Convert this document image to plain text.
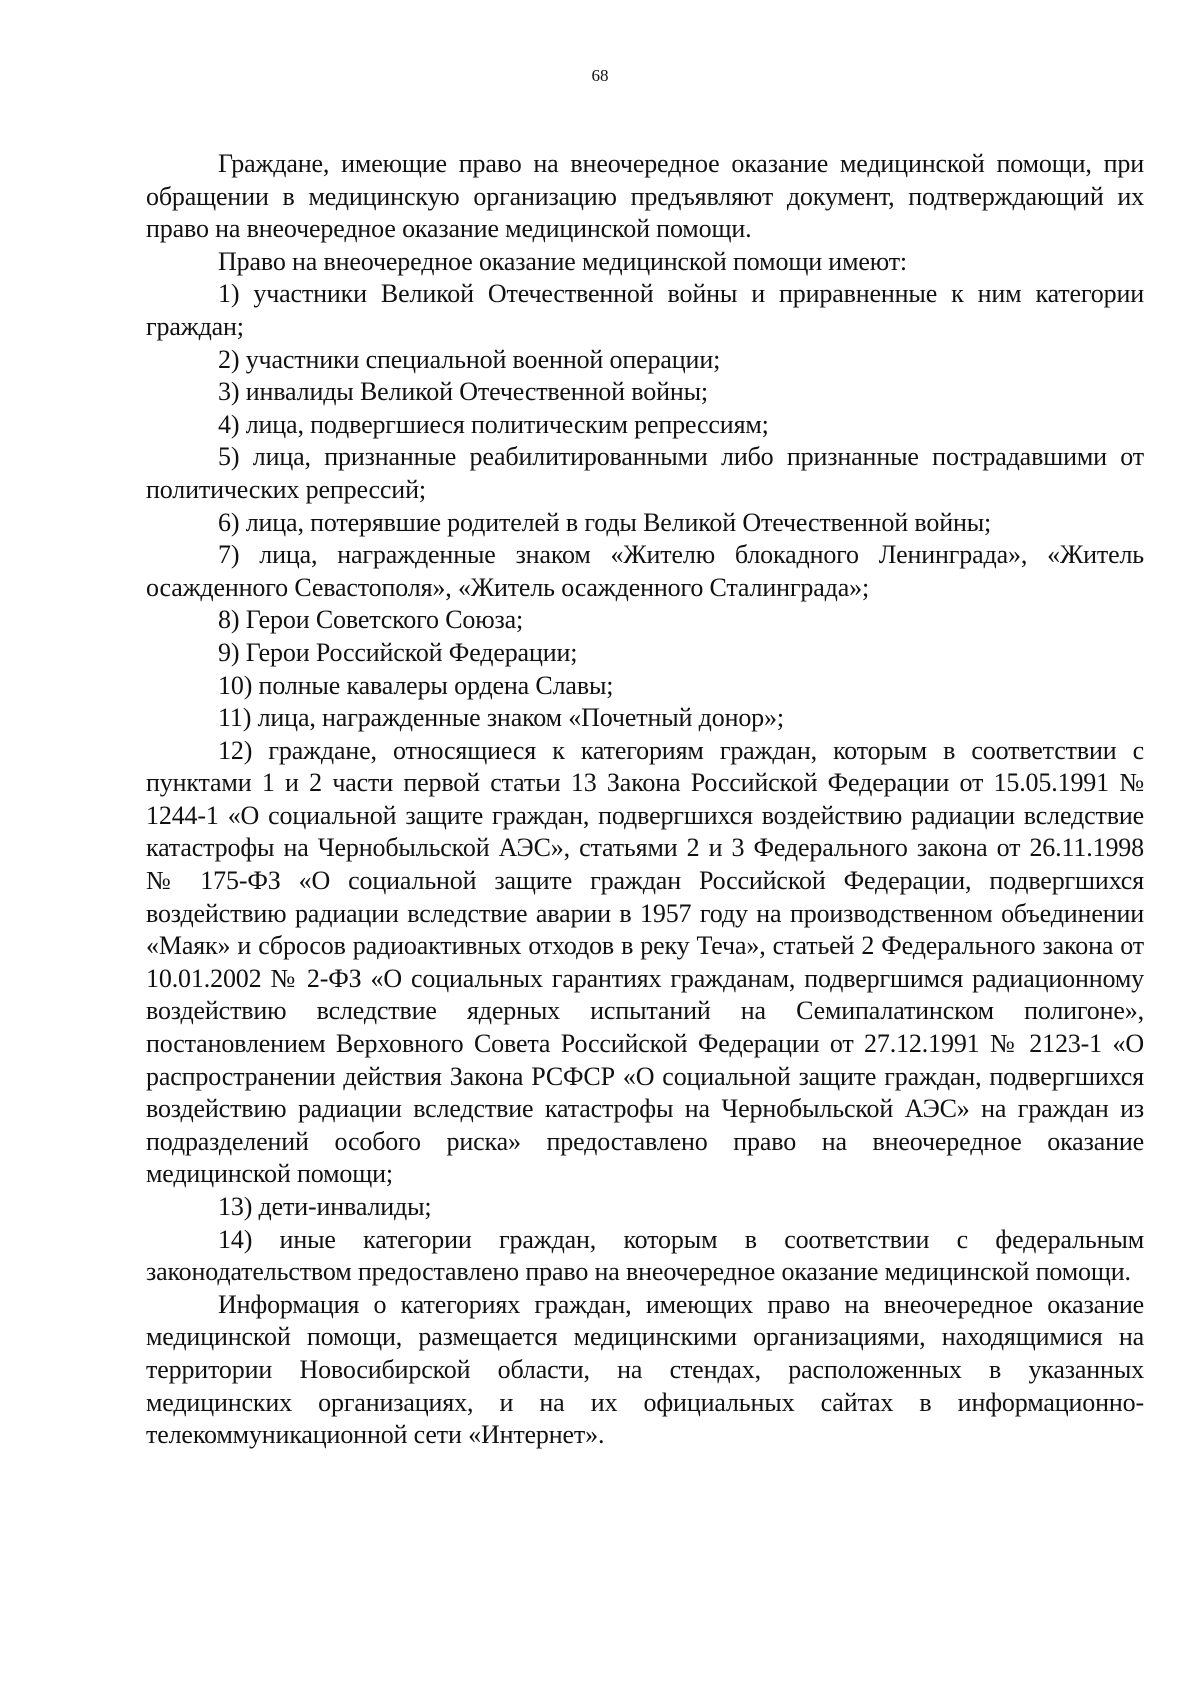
68

Граждане, имеющие право на внеочередное оказание медицинской помощи, при обращении в медицинскую организацию предъявляют документ, подтверждающий их право на внеочередное оказание медицинской помощи.

Право на внеочередное оказание медицинской помощи имеют:

1) участники Великой Отечественной войны и приравненные к ним категории граждан;

2) участники специальной военной операции;

3) инвалиды Великой Отечественной войны;

4) лица, подвергшиеся политическим репрессиям;

5) лица, признанные реабилитированными либо признанные пострадавшими от политических репрессий;

6) лица, потерявшие родителей в годы Великой Отечественной войны;

7) лица, награжденные знаком «Жителю блокадного Ленинграда», «Житель осажденного Севастополя», «Житель осажденного Сталинграда»;

8) Герои Советского Союза;

9) Герои Российской Федерации;

10) полные кавалеры ордена Славы;

11) лица, награжденные знаком «Почетный донор»;

12) граждане, относящиеся к категориям граждан, которым в соответствии с пунктами 1 и 2 части первой статьи 13 Закона Российской Федерации от 15.05.1991 № 1244-1 «О социальной защите граждан, подвергшихся воздействию радиации вследствие катастрофы на Чернобыльской АЭС», статьями 2 и 3 Федерального закона от 26.11.1998 № 175-ФЗ «О социальной защите граждан Российской Федерации, подвергшихся воздействию радиации вследствие аварии в 1957 году на производственном объединении «Маяк» и сбросов радиоактивных отходов в реку Теча», статьей 2 Федерального закона от 10.01.2002 № 2-ФЗ «О социальных гарантиях гражданам, подвергшимся радиационному воздействию вследствие ядерных испытаний на Семипалатинском полигоне», постановлением Верховного Совета Российской Федерации от 27.12.1991 № 2123-1 «О распространении действия Закона РСФСР «О социальной защите граждан, подвергшихся воздействию радиации вследствие катастрофы на Чернобыльской АЭС» на граждан из подразделений особого риска» предоставлено право на внеочередное оказание медицинской помощи;

13) дети-инвалиды;

14) иные категории граждан, которым в соответствии с федеральным законодательством предоставлено право на внеочередное оказание медицинской помощи.

Информация о категориях граждан, имеющих право на внеочередное оказание медицинской помощи, размещается медицинскими организациями, находящимися на территории Новосибирской области, на стендах, расположенных в указанных медицинских организациях, и на их официальных сайтах в информационно-телекоммуникационной сети «Интернет».
